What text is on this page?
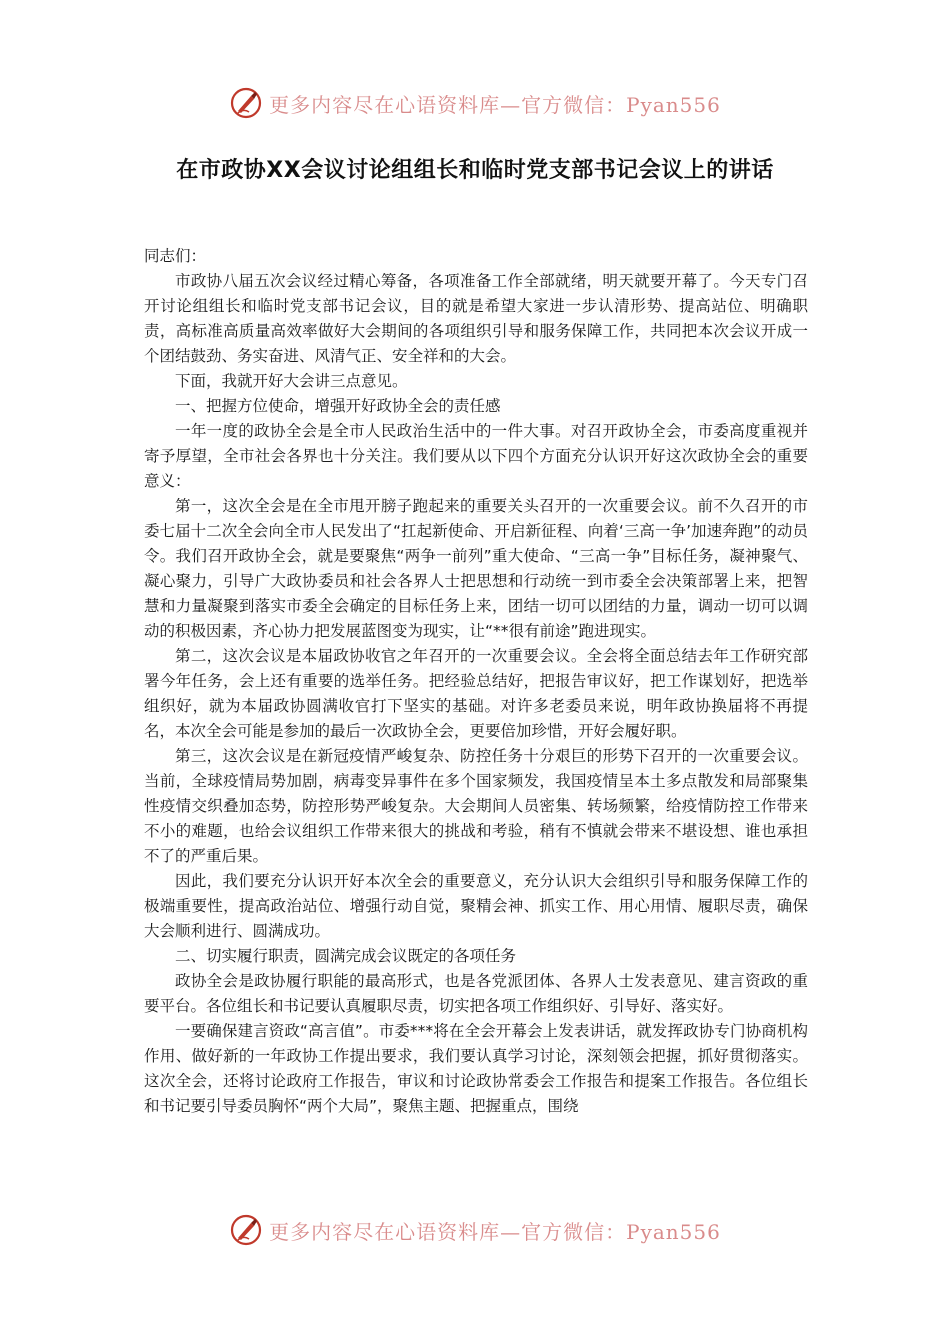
更多内容尽在心语资料库—官方微信：Pyan556
在市政协XX会议讨论组组长和临时党支部书记会议上的讲话

同志们：

市政协八届五次会议经过精心筹备，各项准备工作全部就绪，明天就要开幕了。今天专门召开讨论组组长和临时党支部书记会议，目的就是希望大家进一步认清形势、提高站位、明确职责，高标准高质量高效率做好大会期间的各项组织引导和服务保障工作，共同把本次会议开成一个团结鼓劲、务实奋进、风清气正、安全祥和的大会。

下面，我就开好大会讲三点意见。

一、把握方位使命，增强开好政协全会的责任感

一年一度的政协全会是全市人民政治生活中的一件大事。对召开政协全会，市委高度重视并寄予厚望，全市社会各界也十分关注。我们要从以下四个方面充分认识开好这次政协全会的重要意义：

第一，这次全会是在全市甩开膀子跑起来的重要关头召开的一次重要会议。前不久召开的市委七届十二次全会向全市人民发出了“扛起新使命、开启新征程、向着‘三高一争’加速奔跑”的动员令。我们召开政协全会，就是要聚焦“两争一前列”重大使命、“三高一争”目标任务，凝神聚气、凝心聚力，引导广大政协委员和社会各界人士把思想和行动统一到市委全会决策部署上来，把智慧和力量凝聚到落实市委全会确定的目标任务上来，团结一切可以团结的力量，调动一切可以调动的积极因素，齐心协力把发展蓝图变为现实，让“**很有前途”跑进现实。

第二，这次会议是本届政协收官之年召开的一次重要会议。全会将全面总结去年工作研究部署今年任务，会上还有重要的选举任务。把经验总结好，把报告审议好，把工作谋划好，把选举组织好，就为本届政协圆满收官打下坚实的基础。对许多老委员来说，明年政协换届将不再提名，本次全会可能是参加的最后一次政协全会，更要倍加珍惜，开好会履好职。

第三，这次会议是在新冠疫情严峻复杂、防控任务十分艰巨的形势下召开的一次重要会议。当前，全球疫情局势加剧，病毒变异事件在多个国家频发，我国疫情呈本土多点散发和局部聚集性疫情交织叠加态势，防控形势严峻复杂。大会期间人员密集、转场频繁，给疫情防控工作带来不小的难题，也给会议组织工作带来很大的挑战和考验，稍有不慎就会带来不堪设想、谁也承担不了的严重后果。

因此，我们要充分认识开好本次全会的重要意义，充分认识大会组织引导和服务保障工作的极端重要性，提高政治站位、增强行动自觉，聚精会神、抓实工作、用心用情、履职尽责，确保大会顺利进行、圆满成功。

二、切实履行职责，圆满完成会议既定的各项任务

政协全会是政协履行职能的最高形式，也是各党派团体、各界人士发表意见、建言资政的重要平台。各位组长和书记要认真履职尽责，切实把各项工作组织好、引导好、落实好。

一要确保建言资政“高言值”。市委***将在全会开幕会上发表讲话，就发挥政协专门协商机构作用、做好新的一年政协工作提出要求，我们要认真学习讨论，深刻领会把握，抓好贯彻落实。这次全会，还将讨论政府工作报告，审议和讨论政协常委会工作报告和提案工作报告。各位组长和书记要引导委员胸怀“两个大局”，聚焦主题、把握重点，围绕

更多内容尽在心语资料库—官方微信：Pyan556
